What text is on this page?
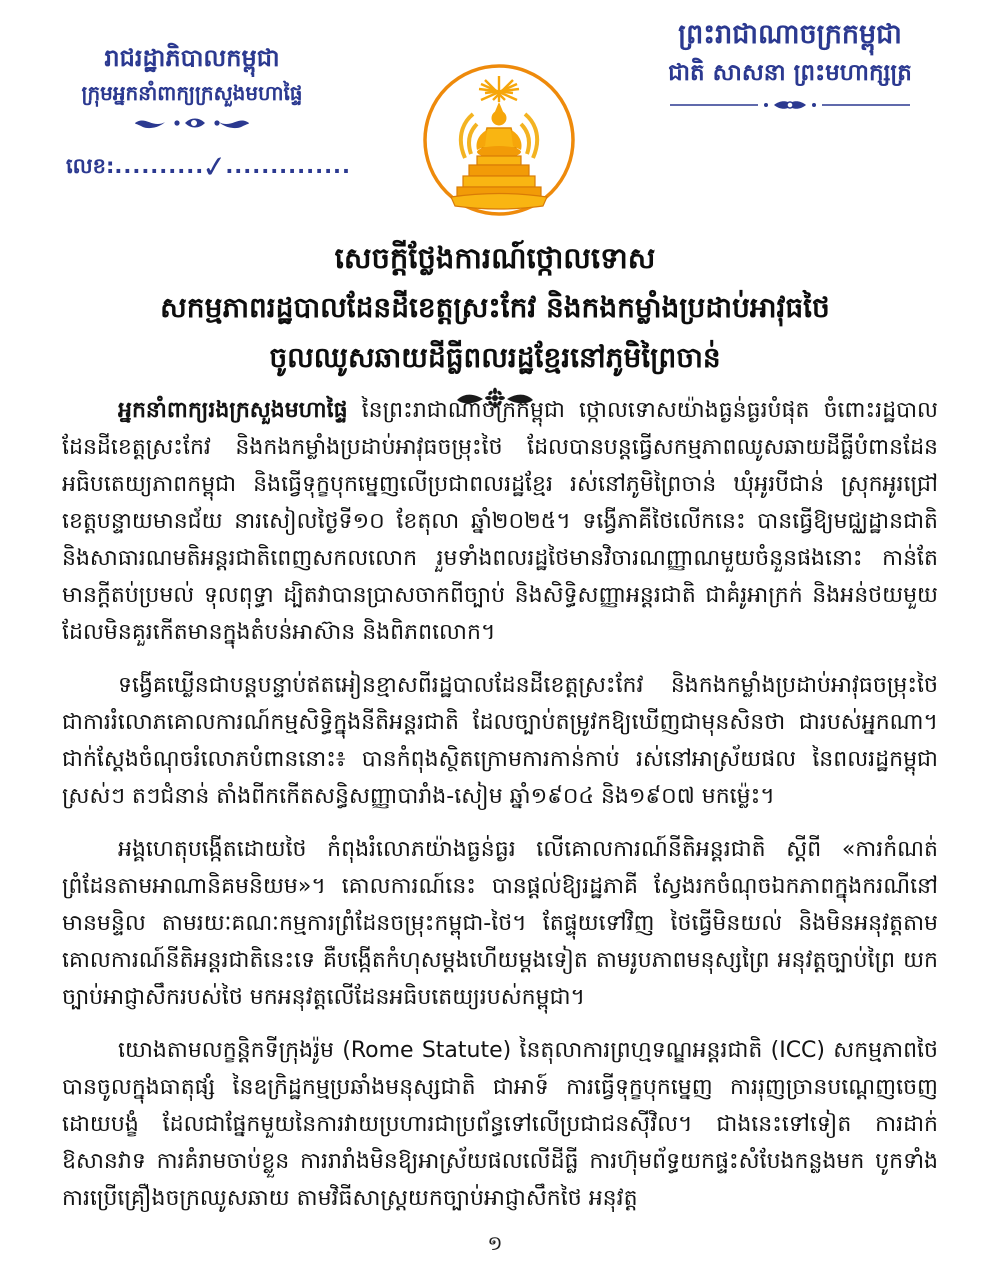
រាជរដ្ឋាភិបាលកម្ពុជា
ក្រុមអ្នកនាំពាក្យក្រសួងមហាផ្ទៃ
លេខ:..........✓..............
ព្រះរាជាណាចក្រកម្ពុជា
ជាតិ សាសនា ព្រះមហាក្សត្រ
សេចក្តីថ្លែងការណ៍ថ្កោលទោស
សកម្មភាពរដ្ឋបាលដែនដីខេត្តស្រះកែវ និងកងកម្លាំងប្រដាប់អាវុធថៃ
ចូលឈូសឆាយដីធ្លីពលរដ្ឋខ្មែរនៅភូមិព្រៃចាន់

អ្នកនាំពាក្យរងក្រសួងមហាផ្ទៃ នៃព្រះរាជាណាចក្រកម្ពុជា ថ្កោលទោសយ៉ាងធ្ងន់ធ្ងរបំផុត ចំពោះរដ្ឋបាលដែនដីខេត្តស្រះកែវ និងកងកម្លាំងប្រដាប់អាវុធចម្រុះថៃ ដែលបានបន្តធ្វើសកម្មភាពឈូសឆាយដីធ្លីបំពានដែនអធិបតេយ្យភាពកម្ពុជា និងធ្វើទុក្ខបុកម្នេញលើប្រជាពលរដ្ឋខ្មែរ រស់នៅភូមិព្រៃចាន់ ឃុំអូរបីជាន់ ស្រុកអូរជ្រៅ ខេត្តបន្ទាយមានជ័យ នារសៀលថ្ងៃទី១០ ខែតុលា ឆ្នាំ២០២៥។ ទង្វើភាគីថៃលើកនេះ បានធ្វើឱ្យមជ្ឈដ្ឋានជាតិ និងសាធារណមតិអន្តរជាតិពេញសកលលោក រួមទាំងពលរដ្ឋថៃមានវិចារណញ្ញាណមួយចំនួនផងនោះ កាន់តែមានក្តីតប់ប្រមល់ ទុលពុទ្ធា ដ្បិតវាបានប្រាសចាកពីច្បាប់ និងសិទ្ធិសញ្ញាអន្តរជាតិ ជាគំរូអាក្រក់ និងអន់ថយមួយដែលមិនគួរកើតមានក្នុងតំបន់អាស៊ាន និងពិភពលោក។

ទង្វើគឃ្លើនជាបន្តបន្ទាប់ឥតអៀនខ្មាសពីរដ្ឋបាលដែនដីខេត្តស្រះកែវ និងកងកម្លាំងប្រដាប់អាវុធចម្រុះថៃ ជាការរំលោភគោលការណ៍កម្មសិទ្ធិក្នុងនីតិអន្តរជាតិ ដែលច្បាប់តម្រូវកឱ្យឃើញជាមុនសិនថា ជារបស់អ្នកណា។ ជាក់ស្តែងចំណុចរំលោភបំពាននោះ៖ បានកំពុងស្ថិតក្រោមការកាន់កាប់ រស់នៅអាស្រ័យផល នៃពលរដ្ឋកម្ពុជាស្រស់ៗ តៗជំនាន់ តាំងពីកកើតសន្ធិសញ្ញាបារាំង-សៀម ឆ្នាំ១៩០៤ និង១៩០៧ មកម្ល៉េះ។

អង្គហេតុបង្កើតដោយថៃ កំពុងរំលោភយ៉ាងធ្ងន់ធ្ងរ លើគោលការណ៍នីតិអន្តរជាតិ ស្តីពី «ការកំណត់ព្រំដែនតាមអាណានិគមនិយម»។ គោលការណ៍នេះ បានផ្តល់ឱ្យរដ្ឋភាគី ស្វែងរកចំណុចឯកភាពក្នុងករណីនៅមានមន្ទិល តាមរយៈគណៈកម្មការព្រំដែនចម្រុះកម្ពុជា-ថៃ។ តែផ្ទុយទៅវិញ ថៃធ្វើមិនយល់ និងមិនអនុវត្តតាមគោលការណ៍នីតិអន្តរជាតិនេះទេ គឺបង្កើតកំហុសម្តងហើយម្តងទៀត តាមរូបភាពមនុស្សព្រៃ អនុវត្តច្បាប់ព្រៃ យកច្បាប់អាជ្ញាសឹករបស់ថៃ មកអនុវត្តលើដែនអធិបតេយ្យរបស់កម្ពុជា។

យោងតាមលក្ខន្តិកទីក្រុងរ៉ូម (Rome Statute) នៃតុលាការព្រហ្មទណ្ឌអន្តរជាតិ (ICC) សកម្មភាពថៃ បានចូលក្នុងធាតុផ្សំ នៃឧក្រិដ្ឋកម្មប្រឆាំងមនុស្សជាតិ ជាអាទ៍ ការធ្វើទុក្ខបុកម្នេញ ការរុញច្រានបណ្តេញចេញដោយបង្ខំ ដែលជាផ្នែកមួយនៃការវាយប្រហារជាប្រព័ន្ធទៅលើប្រជាជនស៊ីវិល។ ជាងនេះទៅទៀត ការដាក់ឱសានវាទ ការគំរាមចាប់ខ្លួន ការរារាំងមិនឱ្យអាស្រ័យផលលើដីធ្លី ការហ៊ុមព័ទ្ធយកផ្ទះសំបែងកន្លងមក បូកទាំងការប្រើគ្រឿងចក្រឈូសឆាយ តាមវិធីសាស្ត្រយកច្បាប់អាជ្ញាសឹកថៃ អនុវត្ត

១
